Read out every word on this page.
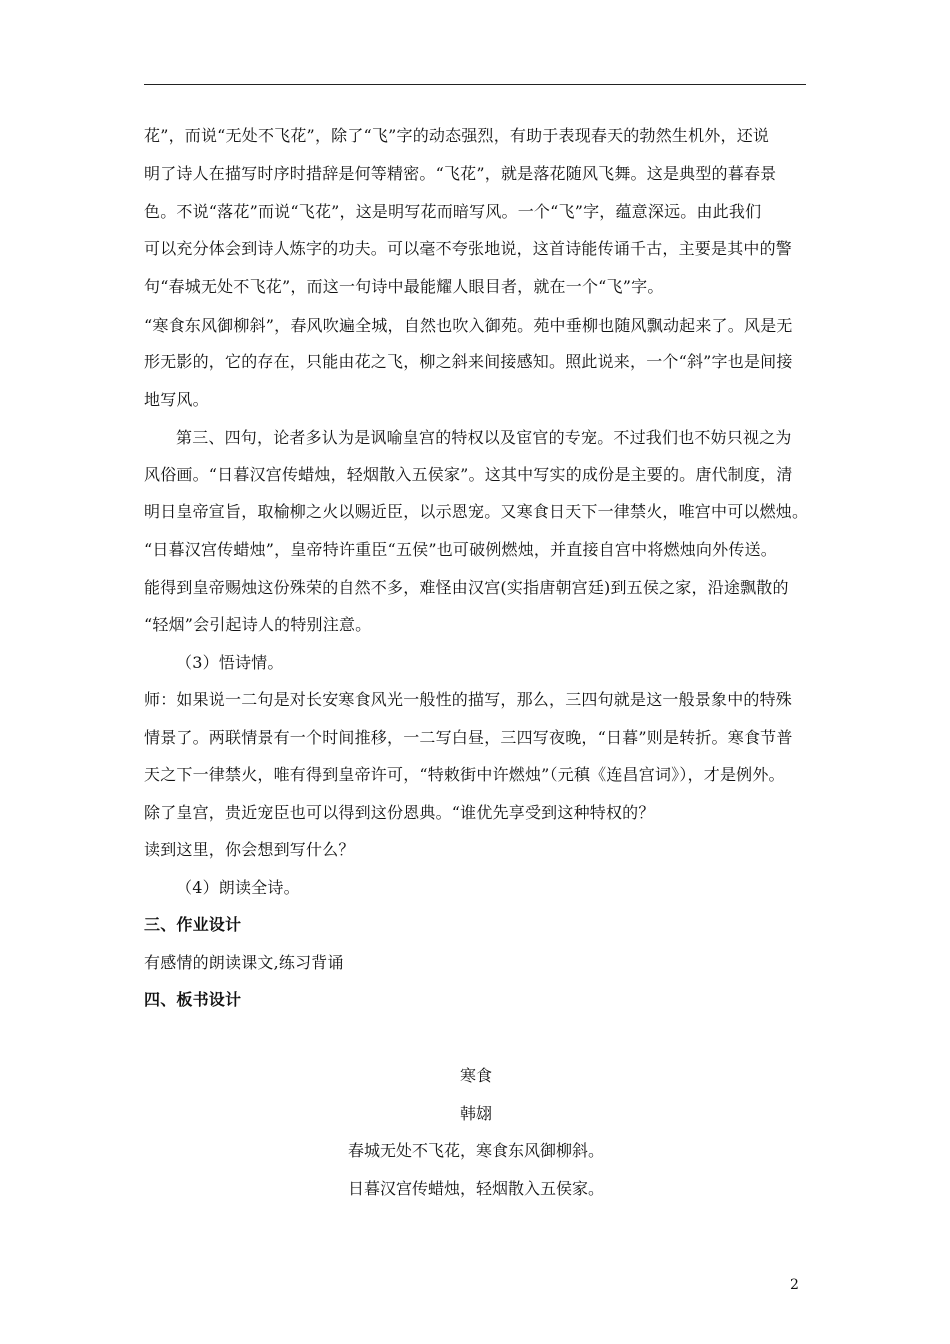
花”，而说“无处不飞花”，除了“飞”字的动态强烈，有助于表现春天的勃然生机外，还说
明了诗人在描写时序时措辞是何等精密。“飞花”，就是落花随风飞舞。这是典型的暮春景
色。不说“落花”而说“飞花”，这是明写花而暗写风。一个“飞”字，蕴意深远。由此我们
可以充分体会到诗人炼字的功夫。可以毫不夸张地说，这首诗能传诵千古，主要是其中的警
句“春城无处不飞花”，而这一句诗中最能耀人眼目者，就在一个“飞”字。
“寒食东风御柳斜”，春风吹遍全城，自然也吹入御苑。苑中垂柳也随风飘动起来了。风是无
形无影的，它的存在，只能由花之飞，柳之斜来间接感知。照此说来，一个“斜”字也是间接
地写风。
第三、四句，论者多认为是讽喻皇宫的特权以及宦官的专宠。不过我们也不妨只视之为
风俗画。“日暮汉宫传蜡烛，轻烟散入五侯家”。这其中写实的成份是主要的。唐代制度，清
明日皇帝宣旨，取榆柳之火以赐近臣，以示恩宠。又寒食日天下一律禁火，唯宫中可以燃烛。
“日暮汉宫传蜡烛”，皇帝特许重臣“五侯”也可破例燃烛，并直接自宫中将燃烛向外传送。
能得到皇帝赐烛这份殊荣的自然不多，难怪由汉宫(实指唐朝宫廷)到五侯之家，沿途飘散的
“轻烟”会引起诗人的特别注意。
（3）悟诗情。
师：如果说一二句是对长安寒食风光一般性的描写，那么，三四句就是这一般景象中的特殊
情景了。两联情景有一个时间推移，一二写白昼，三四写夜晚，“日暮”则是转折。寒食节普
天之下一律禁火，唯有得到皇帝许可，“特敕街中许燃烛”（元稹《连昌宫词》），才是例外。
除了皇宫，贵近宠臣也可以得到这份恩典。“谁优先享受到这种特权的？
读到这里，你会想到写什么？
（4）朗读全诗。
三、作业设计
有感情的朗读课文,练习背诵
四、板书设计
寒食
韩翃
春城无处不飞花，寒食东风御柳斜。
日暮汉宫传蜡烛，轻烟散入五侯家。
2
